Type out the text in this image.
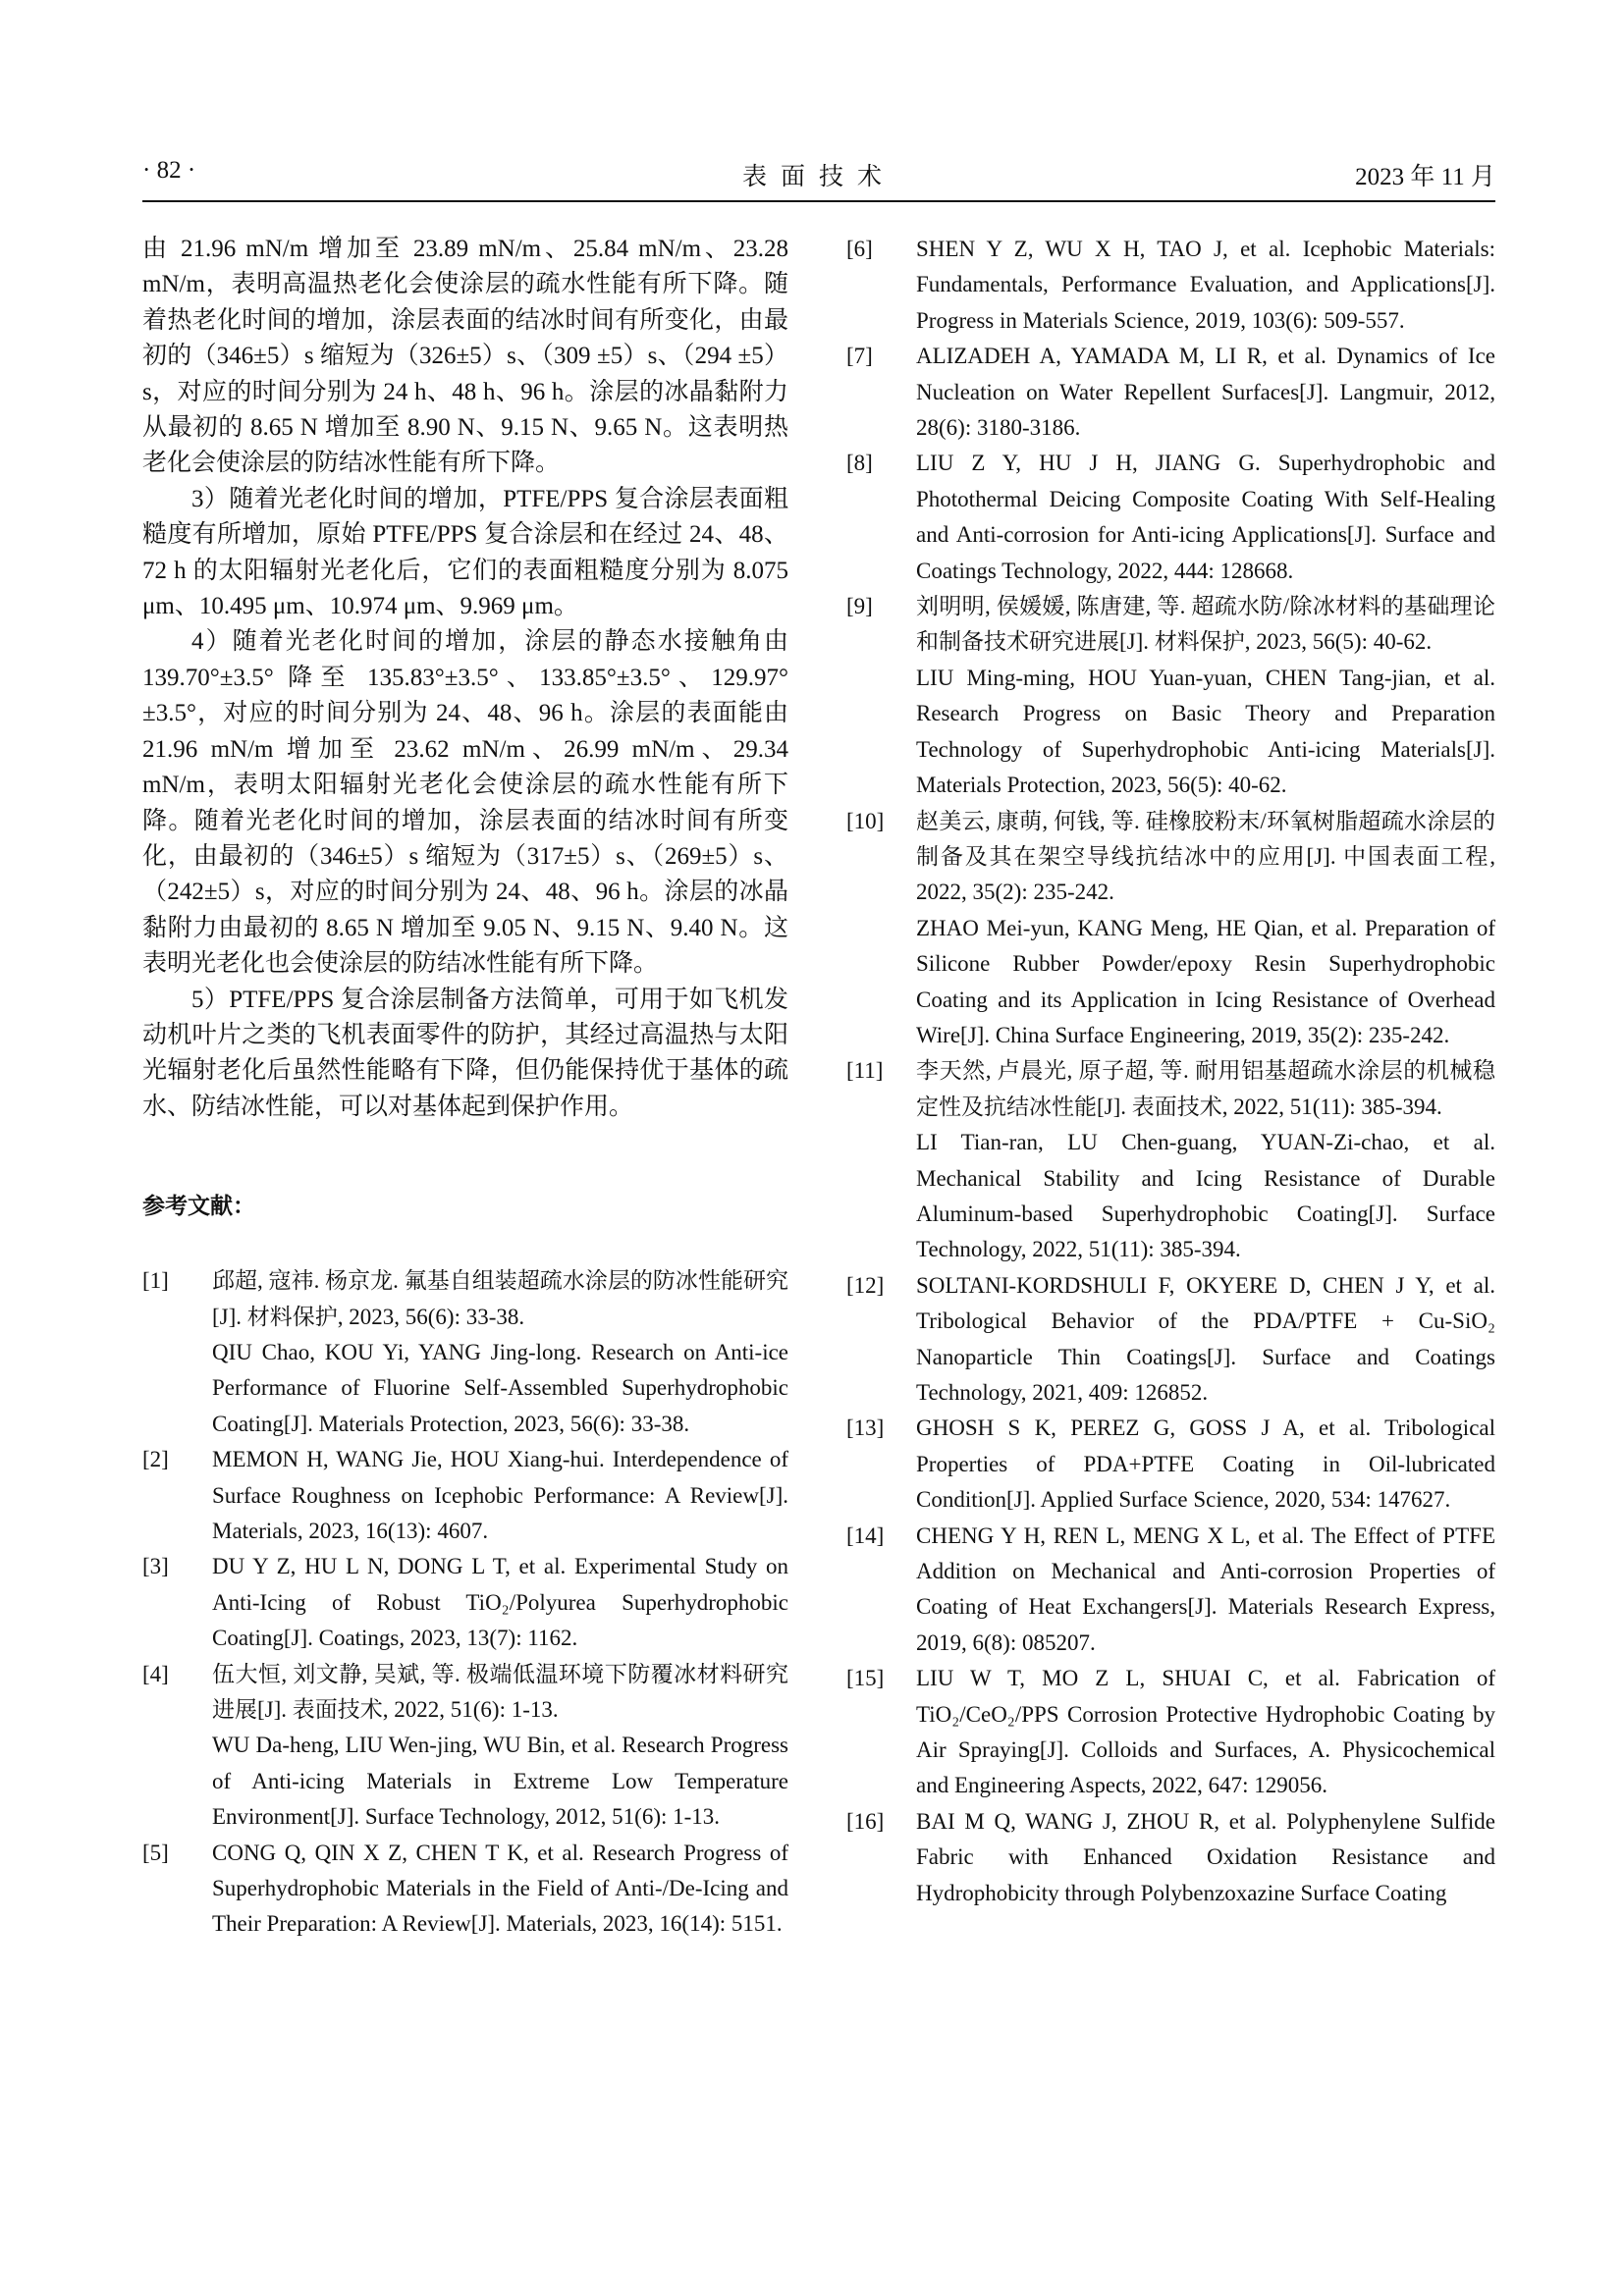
· 82 ·	表面技术	2023 年 11 月

由 21.96 mN/m 增加至 23.89 mN/m、25.84 mN/m、23.28 mN/m，表明高温热老化会使涂层的疏水性能有所下降。随着热老化时间的增加，涂层表面的结冰时间有所变化，由最初的（346±5）s 缩短为（326±5）s、（309 ±5）s、（294 ±5）s，对应的时间分别为 24 h、48 h、96 h。涂层的冰晶黏附力从最初的 8.65 N 增加至 8.90 N、9.15 N、9.65 N。这表明热老化会使涂层的防结冰性能有所下降。

3）随着光老化时间的增加，PTFE/PPS 复合涂层表面粗糙度有所增加，原始 PTFE/PPS 复合涂层和在经过 24、48、72 h 的太阳辐射光老化后，它们的表面粗糙度分别为 8.075 μm、10.495 μm、10.974 μm、9.969 μm。

4）随着光老化时间的增加，涂层的静态水接触角由 139.70°±3.5° 降至 135.83°±3.5°、133.85°±3.5°、129.97°±3.5°，对应的时间分别为 24、48、96 h。涂层的表面能由 21.96 mN/m 增加至 23.62 mN/m、26.99 mN/m、29.34 mN/m，表明太阳辐射光老化会使涂层的疏水性能有所下降。随着光老化时间的增加，涂层表面的结冰时间有所变化，由最初的（346±5）s 缩短为（317±5）s、（269±5）s、（242±5）s，对应的时间分别为 24、48、96 h。涂层的冰晶黏附力由最初的 8.65 N 增加至 9.05 N、9.15 N、9.40 N。这表明光老化也会使涂层的防结冰性能有所下降。

5）PTFE/PPS 复合涂层制备方法简单，可用于如飞机发动机叶片之类的飞机表面零件的防护，其经过高温热与太阳光辐射老化后虽然性能略有下降，但仍能保持优于基体的疏水、防结冰性能，可以对基体起到保护作用。

参考文献：
[1]	邱超, 寇祎. 杨京龙. 氟基自组装超疏水涂层的防冰性能研究[J]. 材料保护, 2023, 56(6): 33-38.
QIU Chao, KOU Yi, YANG Jing-long. Research on Anti-ice Performance of Fluorine Self-Assembled Superhydrophobic Coating[J]. Materials Protection, 2023, 56(6): 33-38.
[2]	MEMON H, WANG Jie, HOU Xiang-hui. Interdependence of Surface Roughness on Icephobic Performance: A Review[J]. Materials, 2023, 16(13): 4607.
[3]	DU Y Z, HU L N, DONG L T, et al. Experimental Study on Anti-Icing of Robust TiO₂/Polyurea Superhydrophobic Coating[J]. Coatings, 2023, 13(7): 1162.
[4]	伍大恒, 刘文静, 吴斌, 等. 极端低温环境下防覆冰材料研究进展[J]. 表面技术, 2022, 51(6): 1-13.
WU Da-heng, LIU Wen-jing, WU Bin, et al. Research Progress of Anti-icing Materials in Extreme Low Temperature Environment[J]. Surface Technology, 2012, 51(6): 1-13.
[5]	CONG Q, QIN X Z, CHEN T K, et al. Research Progress of Superhydrophobic Materials in the Field of Anti-/De-Icing and Their Preparation: A Review[J]. Materials, 2023, 16(14): 5151.
[6]	SHEN Y Z, WU X H, TAO J, et al. Icephobic Materials: Fundamentals, Performance Evaluation, and Applications[J]. Progress in Materials Science, 2019, 103(6): 509-557.
[7]	ALIZADEH A, YAMADA M, LI R, et al. Dynamics of Ice Nucleation on Water Repellent Surfaces[J]. Langmuir, 2012, 28(6): 3180-3186.
[8]	LIU Z Y, HU J H, JIANG G. Superhydrophobic and Photothermal Deicing Composite Coating With Self-Healing and Anti-corrosion for Anti-icing Applications[J]. Surface and Coatings Technology, 2022, 444: 128668.
[9]	刘明明, 侯媛媛, 陈唐建, 等. 超疏水防/除冰材料的基础理论和制备技术研究进展[J]. 材料保护, 2023, 56(5): 40-62.
LIU Ming-ming, HOU Yuan-yuan, CHEN Tang-jian, et al. Research Progress on Basic Theory and Preparation Technology of Superhydrophobic Anti-icing Materials[J]. Materials Protection, 2023, 56(5): 40-62.
[10]	赵美云, 康萌, 何钱, 等. 硅橡胶粉末/环氧树脂超疏水涂层的制备及其在架空导线抗结冰中的应用[J]. 中国表面工程, 2022, 35(2): 235-242.
ZHAO Mei-yun, KANG Meng, HE Qian, et al. Preparation of Silicone Rubber Powder/epoxy Resin Superhydrophobic Coating and its Application in Icing Resistance of Overhead Wire[J]. China Surface Engineering, 2019, 35(2): 235-242.
[11]	李天然, 卢晨光, 原子超, 等. 耐用铝基超疏水涂层的机械稳定性及抗结冰性能[J]. 表面技术, 2022, 51(11): 385-394.
LI Tian-ran, LU Chen-guang, YUAN-Zi-chao, et al. Mechanical Stability and Icing Resistance of Durable Aluminum-based Superhydrophobic Coating[J]. Surface Technology, 2022, 51(11): 385-394.
[12]	SOLTANI-KORDSHULI F, OKYERE D, CHEN J Y, et al. Tribological Behavior of the PDA/PTFE + Cu-SiO₂ Nanoparticle Thin Coatings[J]. Surface and Coatings Technology, 2021, 409: 126852.
[13]	GHOSH S K, PEREZ G, GOSS J A, et al. Tribological Properties of PDA+PTFE Coating in Oil-lubricated Condition[J]. Applied Surface Science, 2020, 534: 147627.
[14]	CHENG Y H, REN L, MENG X L, et al. The Effect of PTFE Addition on Mechanical and Anti-corrosion Properties of Coating of Heat Exchangers[J]. Materials Research Express, 2019, 6(8): 085207.
[15]	LIU W T, MO Z L, SHUAI C, et al. Fabrication of TiO₂/CeO₂/PPS Corrosion Protective Hydrophobic Coating by Air Spraying[J]. Colloids and Surfaces, A. Physicochemical and Engineering Aspects, 2022, 647: 129056.
[16]	BAI M Q, WANG J, ZHOU R, et al. Polyphenylene Sulfide Fabric with Enhanced Oxidation Resistance and Hydrophobicity through Polybenzoxazine Surface Coating
